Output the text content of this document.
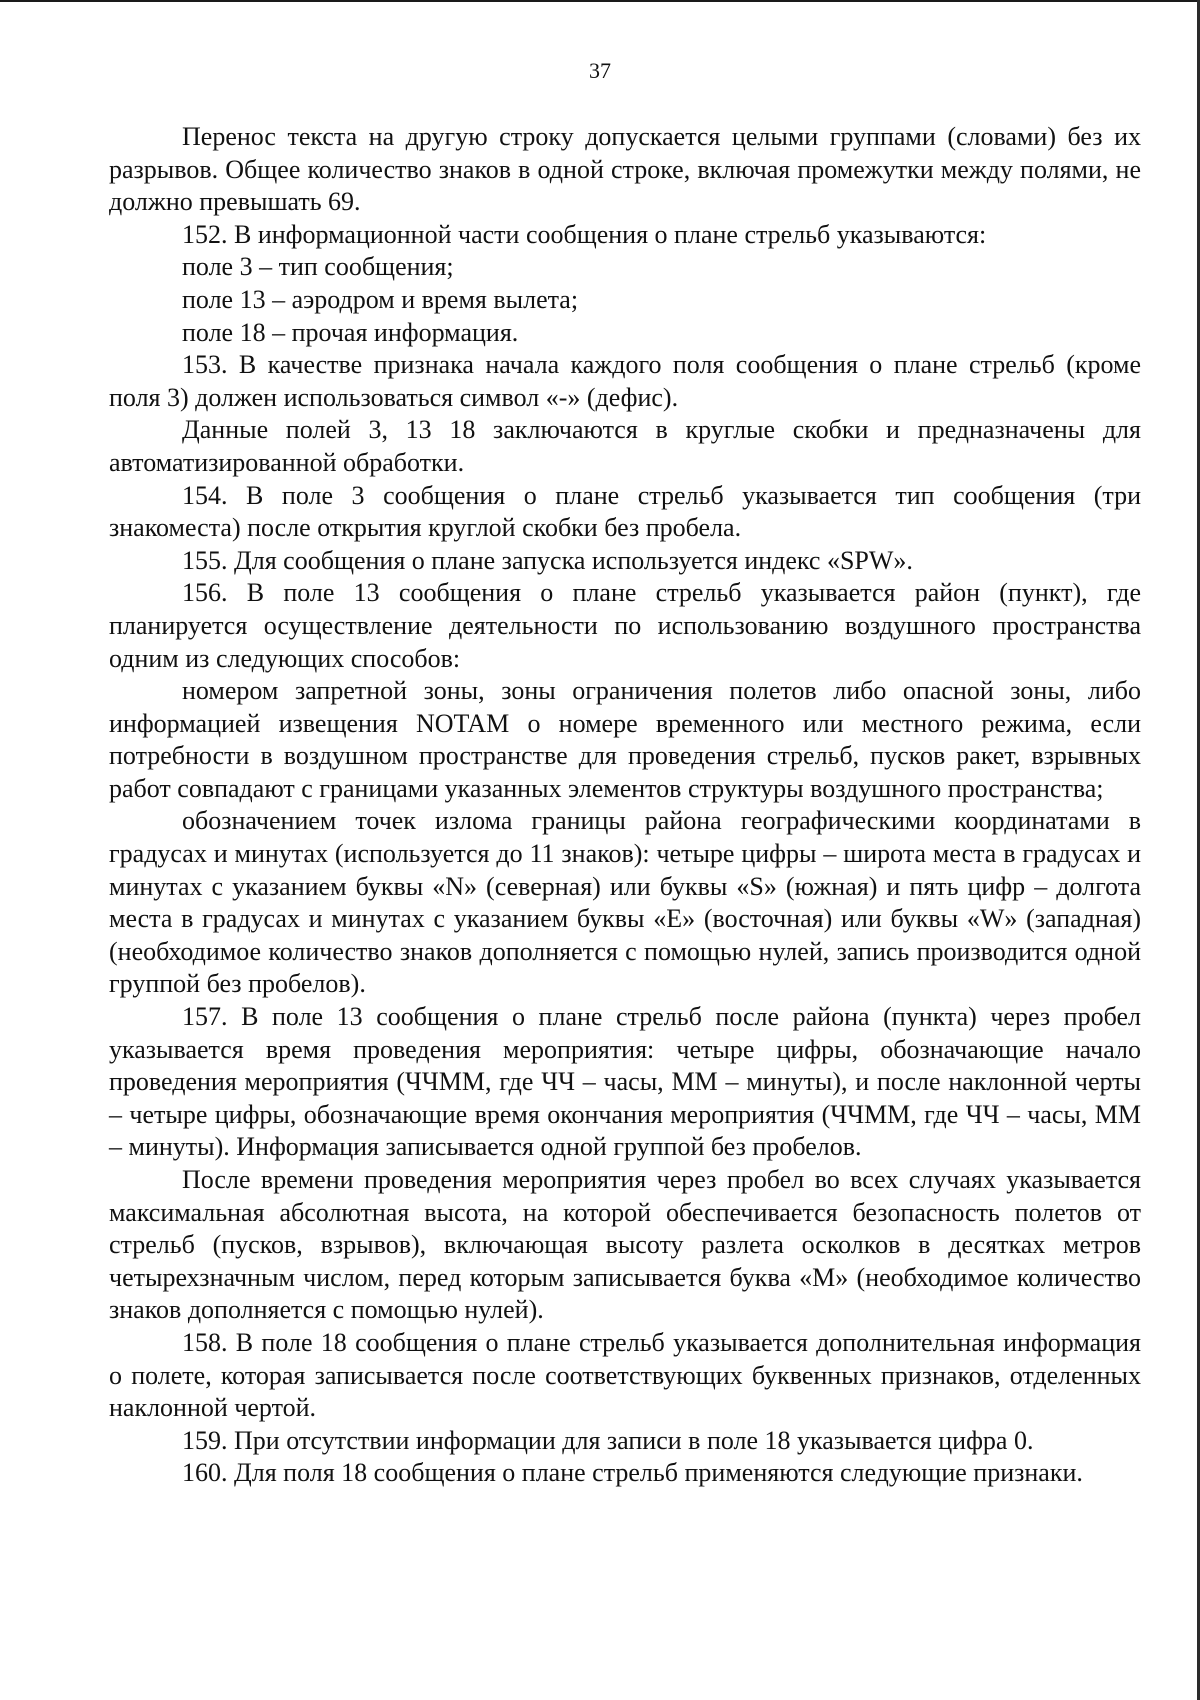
37

Перенос текста на другую строку допускается целыми группами (словами) без их разрывов. Общее количество знаков в одной строке, включая промежутки между полями, не должно превышать 69.

152. В информационной части сообщения о плане стрельб указываются:

поле 3 – тип сообщения;

поле 13 – аэродром и время вылета;

поле 18 – прочая информация.

153. В качестве признака начала каждого поля сообщения о плане стрельб (кроме поля 3) должен использоваться символ «-» (дефис).

Данные полей 3, 13 18 заключаются в круглые скобки и предназначены для автоматизированной обработки.

154. В поле 3 сообщения о плане стрельб указывается тип сообщения (три знакоместа) после открытия круглой скобки без пробела.

155. Для сообщения о плане запуска используется индекс «SPW».

156. В поле 13 сообщения о плане стрельб указывается район (пункт), где планируется осуществление деятельности по использованию воздушного пространства одним из следующих способов:

номером запретной зоны, зоны ограничения полетов либо опасной зоны, либо информацией извещения NOTAM о номере временного или местного режима, если потребности в воздушном пространстве для проведения стрельб, пусков ракет, взрывных работ совпадают с границами указанных элементов структуры воздушного пространства;

обозначением точек излома границы района географическими координатами в градусах и минутах (используется до 11 знаков): четыре цифры – широта места в градусах и минутах с указанием буквы «N» (северная) или буквы «S» (южная) и пять цифр – долгота места в градусах и минутах с указанием буквы «E» (восточная) или буквы «W» (западная) (необходимое количество знаков дополняется с помощью нулей, запись производится одной группой без пробелов).

157. В поле 13 сообщения о плане стрельб после района (пункта) через пробел указывается время проведения мероприятия: четыре цифры, обозначающие начало проведения мероприятия (ЧЧММ, где ЧЧ – часы, ММ – минуты), и после наклонной черты – четыре цифры, обозначающие время окончания мероприятия (ЧЧММ, где ЧЧ – часы, ММ – минуты). Информация записывается одной группой без пробелов.

После времени проведения мероприятия через пробел во всех случаях указывается максимальная абсолютная высота, на которой обеспечивается безопасность полетов от стрельб (пусков, взрывов), включающая высоту разлета осколков в десятках метров четырехзначным числом, перед которым записывается буква «M» (необходимое количество знаков дополняется с помощью нулей).

158. В поле 18 сообщения о плане стрельб указывается дополнительная информация о полете, которая записывается после соответствующих буквенных признаков, отделенных наклонной чертой.

159. При отсутствии информации для записи в поле 18 указывается цифра 0.

160. Для поля 18 сообщения о плане стрельб применяются следующие признаки.
